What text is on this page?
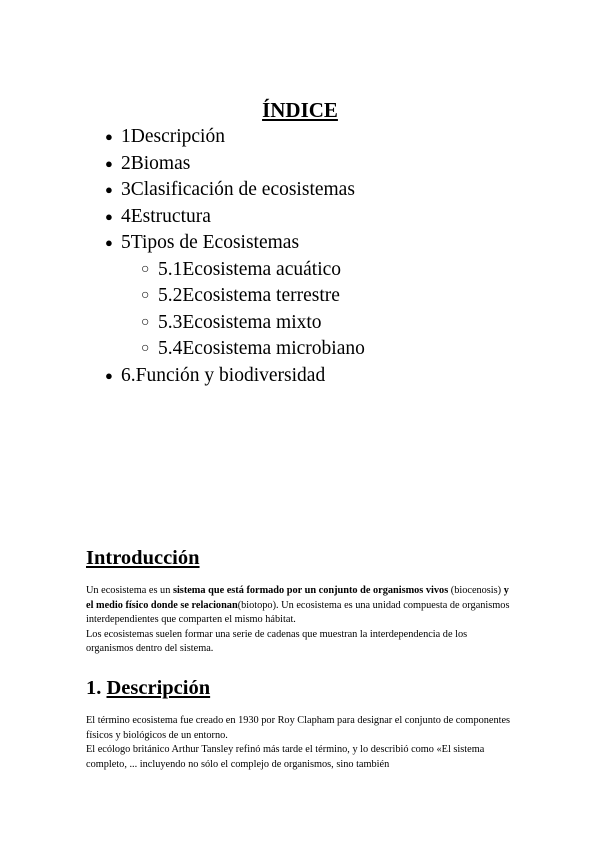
ÍNDICE
● 1Descripción
● 2Biomas
● 3Clasificación de ecosistemas
● 4Estructura
● 5Tipos de Ecosistemas
○ 5.1Ecosistema acuático
○ 5.2Ecosistema terrestre
○ 5.3Ecosistema mixto
○ 5.4Ecosistema microbiano
● 6.Función y biodiversidad
Introducción

Un ecosistema es un sistema que está formado por un conjunto de organismos vivos (biocenosis) y el medio físico donde se relacionan(biotopo). Un ecosistema es una unidad compuesta de organismos interdependientes que comparten el mismo hábitat.
Los ecosistemas suelen formar una serie de cadenas que muestran la interdependencia de los organismos dentro del sistema.

1. Descripción

El término ecosistema fue creado en 1930 por Roy Clapham para designar el conjunto de componentes físicos y biológicos de un entorno.
El ecólogo británico Arthur Tansley refinó más tarde el término, y lo describió como «El sistema completo, ... incluyendo no sólo el complejo de organismos, sino también
